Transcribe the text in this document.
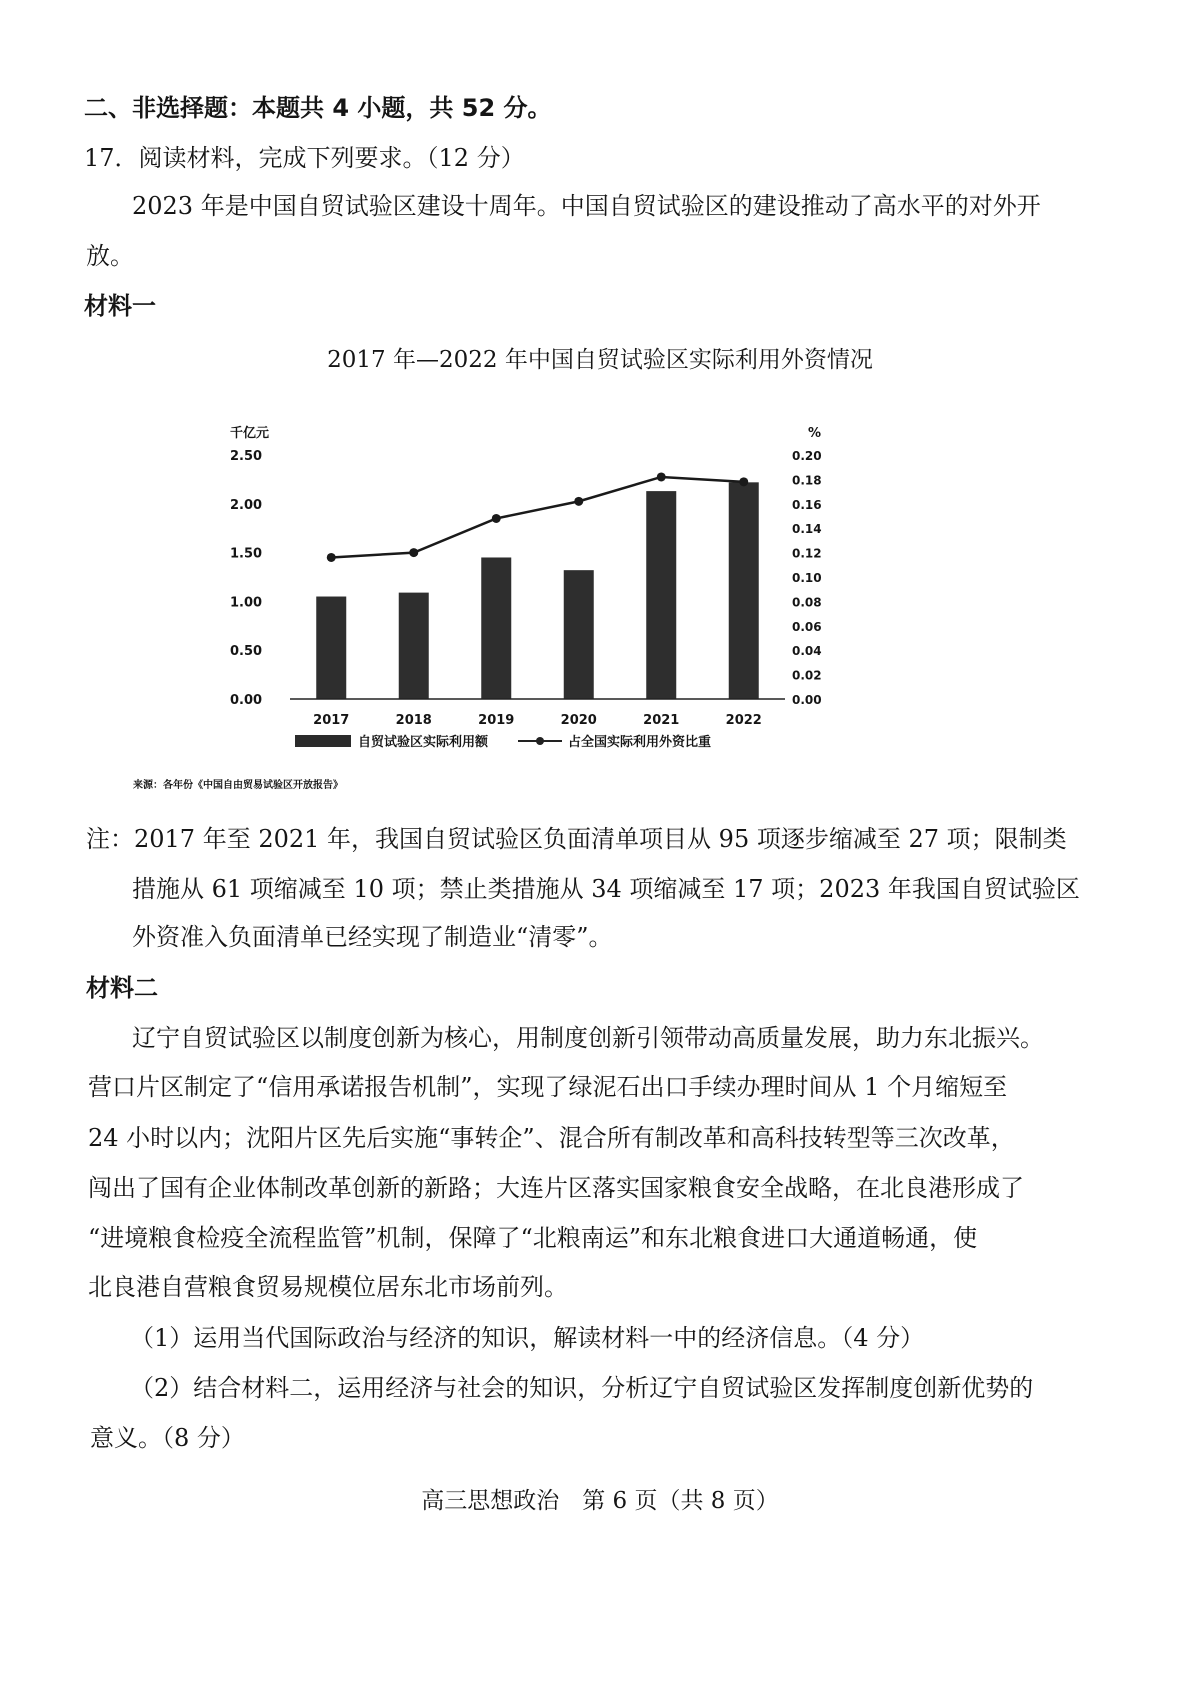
二、非选择题：本题共 4 小题，共 52 分。
17．阅读材料，完成下列要求。（12 分）
2023 年是中国自贸试验区建设十周年。中国自贸试验区的建设推动了高水平的对外开
放。
材料一
2017 年—2022 年中国自贸试验区实际利用外资情况
千亿元	%
0.00
0.50
1.00
1.50
2.00
2.50
0.00
0.02
0.04
0.06
0.08
0.10
0.12
0.14
0.16
0.18
0.20
2017	2018	2019	2020	2021	2022
自贸试验区实际利用额	占全国实际利用外资比重
来源：各年份《中国自由贸易试验区开放报告》
注：2017 年至 2021 年，我国自贸试验区负面清单项目从 95 项逐步缩减至 27 项；限制类
措施从 61 项缩减至 10 项；禁止类措施从 34 项缩减至 17 项；2023 年我国自贸试验区
外资准入负面清单已经实现了制造业“清零”。
材料二
辽宁自贸试验区以制度创新为核心，用制度创新引领带动高质量发展，助力东北振兴。
营口片区制定了“信用承诺报告机制”，实现了绿泥石出口手续办理时间从 1 个月缩短至
24 小时以内；沈阳片区先后实施“事转企”、混合所有制改革和高科技转型等三次改革，
闯出了国有企业体制改革创新的新路；大连片区落实国家粮食安全战略，在北良港形成了
“进境粮食检疫全流程监管”机制，保障了“北粮南运”和东北粮食进口大通道畅通，使
北良港自营粮食贸易规模位居东北市场前列。
（1）运用当代国际政治与经济的知识，解读材料一中的经济信息。（4 分）
（2）结合材料二，运用经济与社会的知识，分析辽宁自贸试验区发挥制度创新优势的
意义。（8 分）
高三思想政治　第 6 页（共 8 页）
